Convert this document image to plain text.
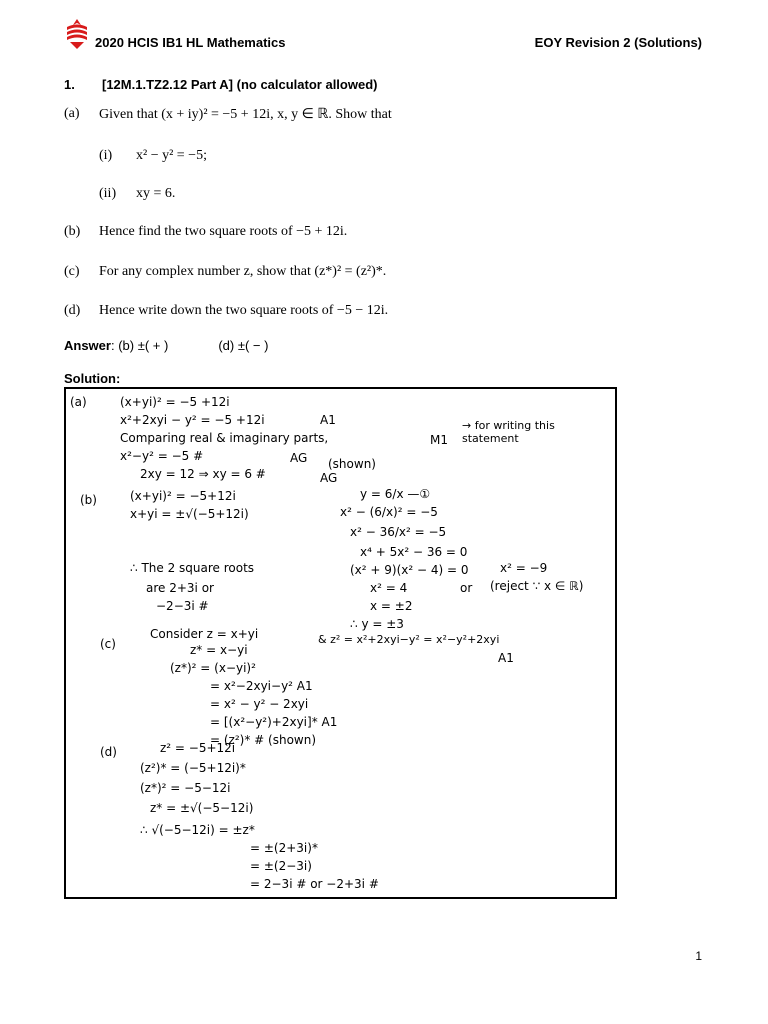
2020 HCIS IB1 HL Mathematics	EOY Revision 2 (Solutions)
1. [12M.1.TZ2.12 Part A] (no calculator allowed)
(a) Given that (x + iy)² = −5 + 12i, x, y ∈ ℝ. Show that
(i) x² − y² = −5;
(ii) xy = 6.
(b) Hence find the two square roots of −5 + 12i.
(c) For any complex number z, show that (z*)² = (z²)*.
(d) Hence write down the two square roots of −5 − 12i.
Answer: (b) ±( + )	(d) ±( − )
Solution:
(a)	(x+yi)² = −5 +12i
x²+2xyi − y² = −5 +12i	A1
Comparing real & imaginary parts,	M1
→ for writing this statement
x²−y² = −5 #	AG
2xy = 12 ⇒ xy = 6 #
(shown)
AG
(b)	(x+yi)² = −5+12i
x+yi = ±√(−5+12i)
y = 6/x —①
x² − (6/x)² = −5
x² − 36/x² = −5
x⁴ + 5x² − 36 = 0
(x² + 9)(x² − 4) = 0	x² = −9
x² = 4	or (reject ∵ x ∈ ℝ)
x = ±2
∴ y = ±3
∴ The 2 square roots
are 2+3i or
−2−3i #
(c)
Consider z = x+yi
z* = x−yi
& z² = x²+2xyi−y² = x²−y²+2xyi
A1
(z*)² = (x−yi)²
= x²−2xyi−y² A1
= x² − y² − 2xyi
= [(x²−y²)+2xyi]* A1
= (z²)* # (shown)
(d)	z² = −5+12i
(z²)* = (−5+12i)*
(z*)² = −5−12i
z* = ±√(−5−12i)
∴ √(−5−12i) = ±z*
= ±(2+3i)*
= ±(2−3i)
= 2−3i # or −2+3i #
1
